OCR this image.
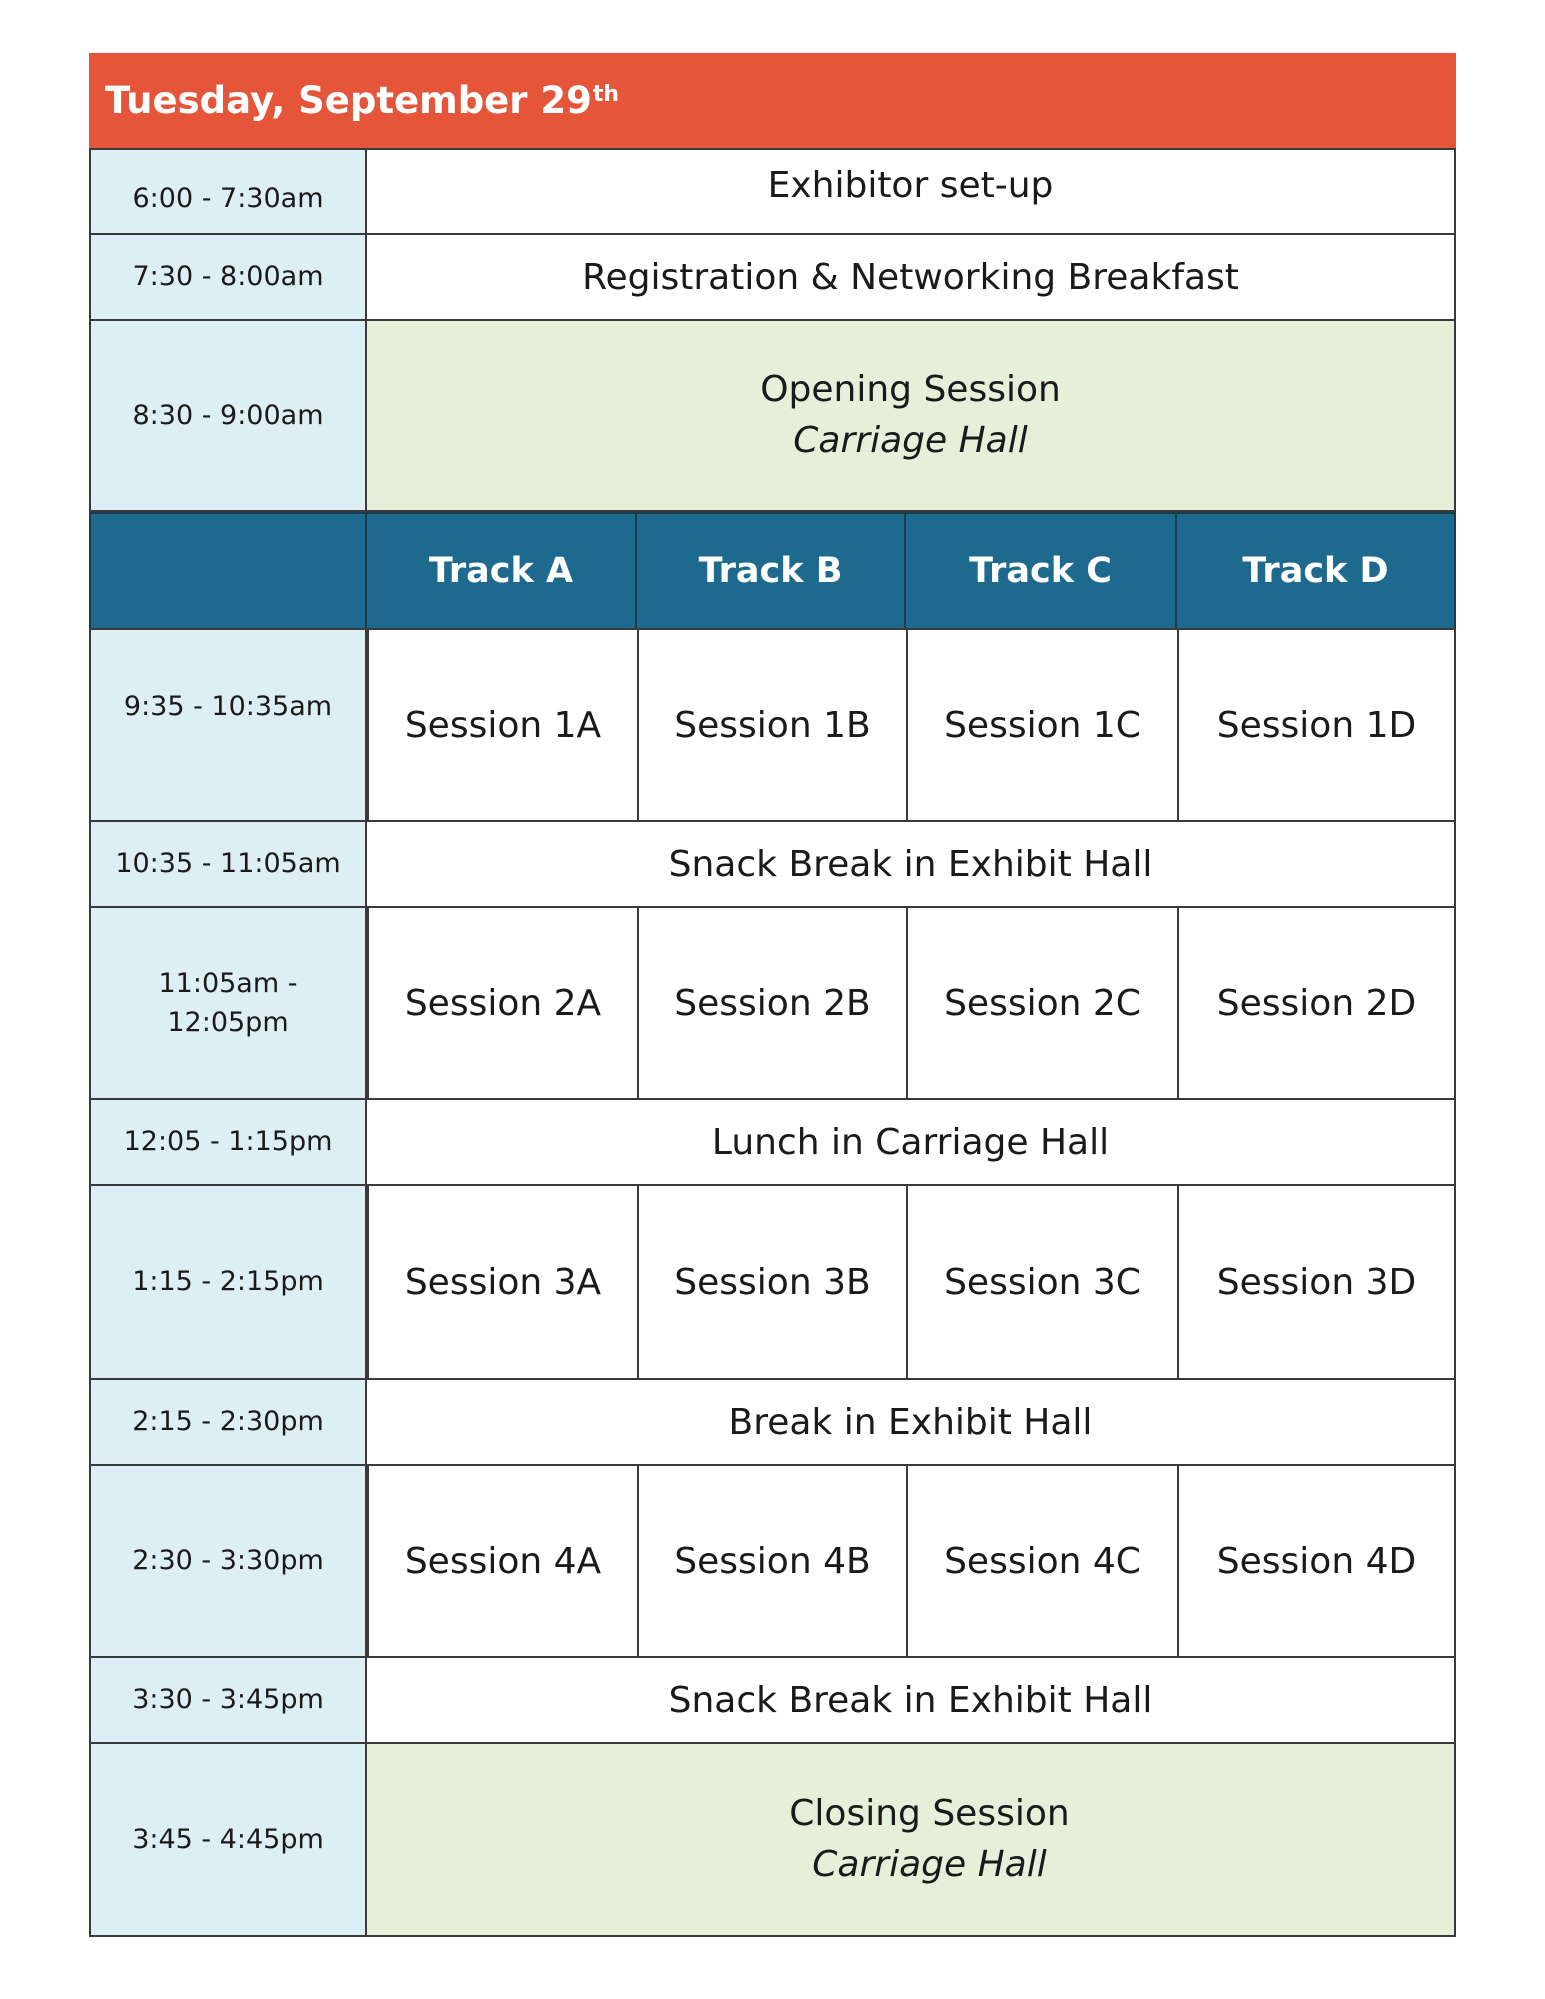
Tuesday, September 29th
6:00 - 7:30am	Exhibitor set-up
7:30 - 8:00am	Registration & Networking Breakfast
8:30 - 9:00am
Opening Session
Carriage Hall
Track A	Track B	Track C	Track D
9:35 - 10:35am Session 1A Session 1B Session 1C Session 1D
10:35 - 11:05am	Snack Break in Exhibit Hall
11:05am -
12:05pm	Session 2A Session 2B Session 2C Session 2D
12:05 - 1:15pm	Lunch in Carriage Hall
1:15 - 2:15pm Session 3A Session 3B Session 3C Session 3D
2:15 - 2:30pm	Break in Exhibit Hall
2:30 - 3:30pm Session 4A Session 4B Session 4C Session 4D
3:30 - 3:45pm	Snack Break in Exhibit Hall
3:45 - 4:45pm
Closing Session
Carriage Hall
